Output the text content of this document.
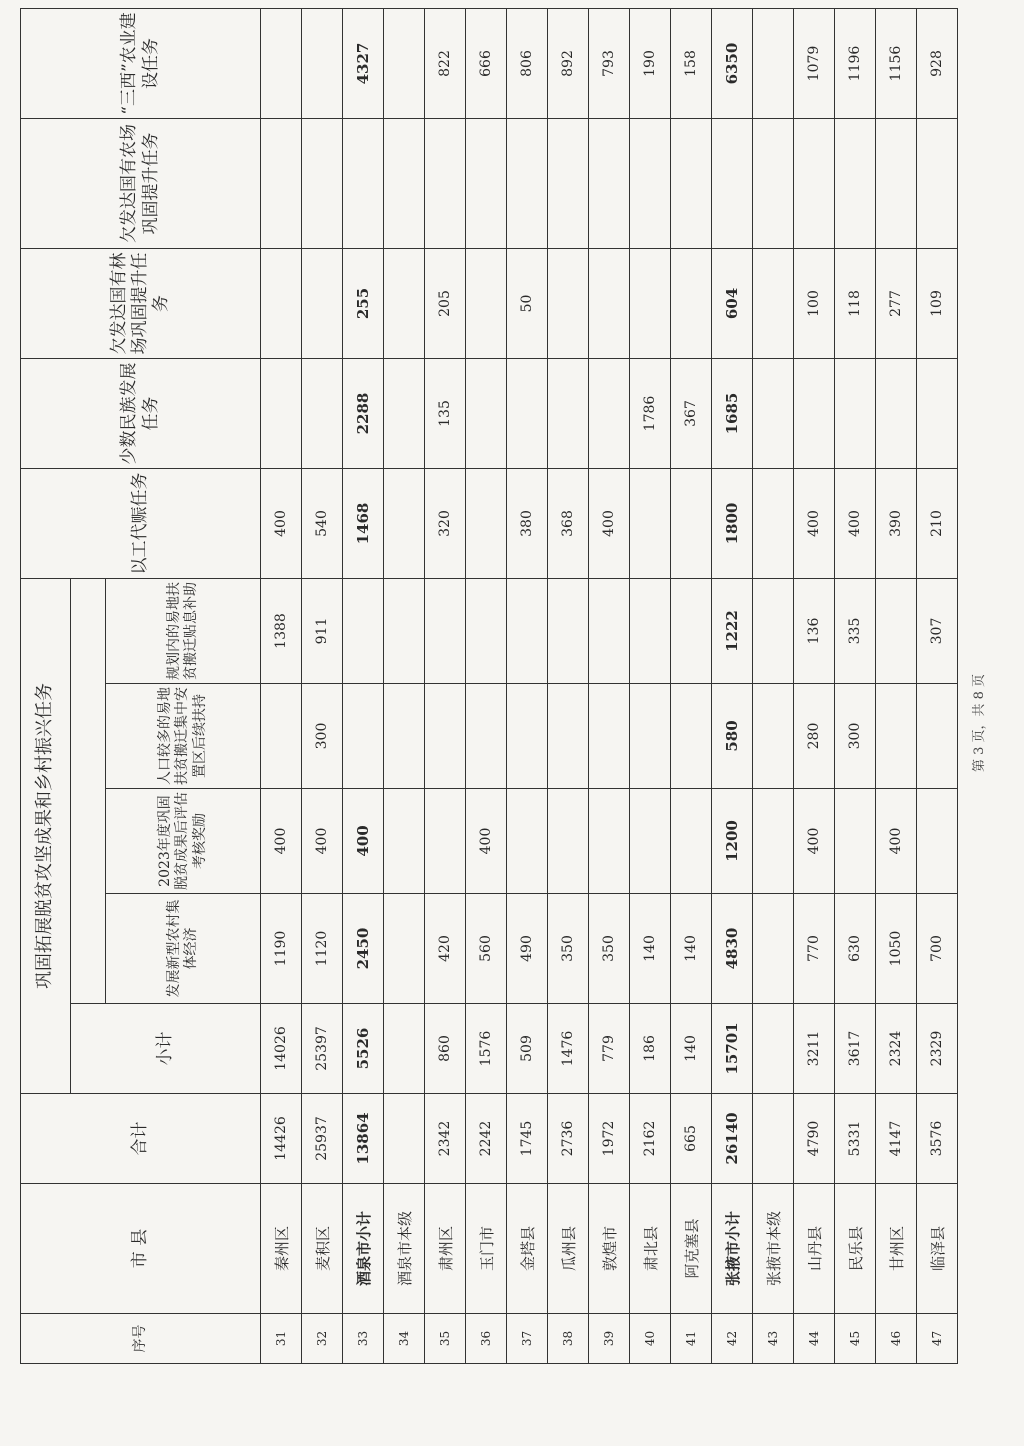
序号	市 县	合计	巩固拓展脱贫攻坚成果和乡村振兴任务					以工代赈任务	少数民族发展任务	欠发达国有林场巩固提升任务	欠发达国有农场巩固提升任务	“三西”农业建设任务
			小计									
				发展新型农村集体经济	2023年度巩固脱贫成果后评估考核奖励	人口较多的易地扶贫搬迁集中安置区后续扶持	规划内的易地扶贫搬迁贴息补助					
31	秦州区	14426	14026	1190	400		1388	400				
32	麦积区	25937	25397	1120	400	300	911	540				
33	酒泉市小计	13864	5526	2450	400			1468	2288	255		4327
34	酒泉市本级											
35	肃州区	2342	860	420				320	135	205		822
36	玉门市	2242	1576	560	400							666
37	金塔县	1745	509	490				380		50		806
38	瓜州县	2736	1476	350				368				892
39	敦煌市	1972	779	350				400				793
40	肃北县	2162	186	140					1786			190
41	阿克塞县	665	140	140					367			158
42	张掖市小计	26140	15701	4830	1200	580	1222	1800	1685	604		6350
43	张掖市本级											
44	山丹县	4790	3211	770	400	280	136	400		100		1079
45	民乐县	5331	3617	630		300	335	400		118		1196
46	甘州区	4147	2324	1050	400			390		277		1156
47	临泽县	3576	2329	700			307	210		109		928
第 3 页，共 8 页
